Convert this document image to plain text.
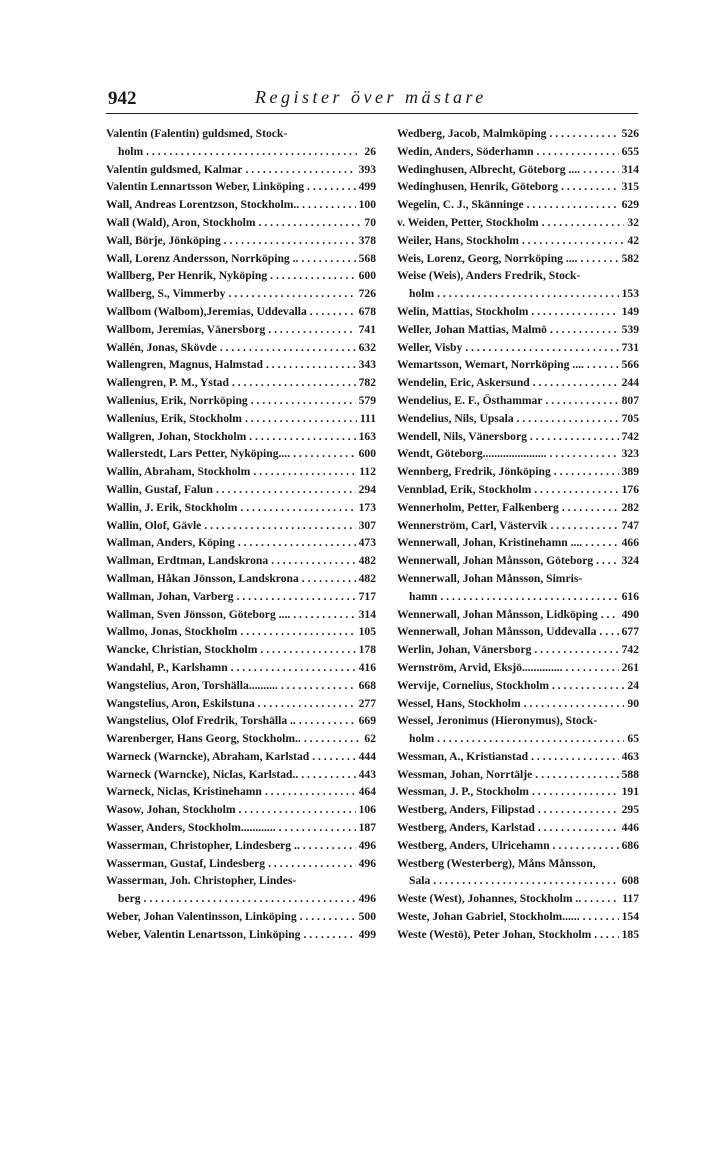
942	Register över mästare
Valentin (Falentin) guldsmed, Stock-
holm . . .	26
Valentin guldsmed, Kalmar . . .	393
Valentin Lennartsson Weber, Linköping . . .	499
Wall, Andreas Lorentzson, Stockholm.. . . .	100
Wall (Wald), Aron, Stockholm . . .	70
Wall, Börje, Jönköping . . .	378
Wall, Lorenz Andersson, Norrköping .. . . .	568
Wallberg, Per Henrik, Nyköping . . .	600
Wallberg, S., Vimmerby . . .	726
Wallbom (Walbom),Jeremias, Uddevalla . . .	678
Wallbom, Jeremias, Vänersborg . . .	741
Wallén, Jonas, Skövde . . .	632
Wallengren, Magnus, Halmstad . . .	343
Wallengren, P. M., Ystad . . .	782
Wallenius, Erik, Norrköping . . .	579
Wallenius, Erik, Stockholm . . .	111
Wallgren, Johan, Stockholm . . .	163
Wallerstedt, Lars Petter, Nyköping.... . . .	600
Wallin, Abraham, Stockholm . . .	112
Wallin, Gustaf, Falun . . .	294
Wallin, J. Erik, Stockholm . . .	173
Wallin, Olof, Gävle . . .	307
Wallman, Anders, Köping . . .	473
Wallman, Erdtman, Landskrona . . .	482
Wallman, Håkan Jönsson, Landskrona . . .	482
Wallman, Johan, Varberg . . .	717
Wallman, Sven Jönsson, Göteborg .... . . .	314
Wallmo, Jonas, Stockholm . . .	105
Wancke, Christian, Stockholm . . .	178
Wandahl, P., Karlshamn . . .	416
Wangstelius, Aron, Torshälla.......... . . .	668
Wangstelius, Aron, Eskilstuna . . .	277
Wangstelius, Olof Fredrik, Torshälla .. . . .	669
Warenberger, Hans Georg, Stockholm.. . . .	62
Warneck (Warncke), Abraham, Karlstad . . .	444
Warneck (Warncke), Niclas, Karlstad.. . . .	443
Warneck, Niclas, Kristinehamn . . .	464
Wasow, Johan, Stockholm . . .	106
Wasser, Anders, Stockholm............ . . .	187
Wasserman, Christopher, Lindesberg .. . . .	496
Wasserman, Gustaf, Lindesberg . . .	496
Wasserman, Joh. Christopher, Lindes-
berg . . .	496
Weber, Johan Valentinsson, Linköping . . .	500
Weber, Valentin Lenartsson, Linköping . . .	499
Wedberg, Jacob, Malmköping . . .	526
Wedin, Anders, Söderhamn . . .	655
Wedinghusen, Albrecht, Göteborg .... . . .	314
Wedinghusen, Henrik, Göteborg . . .	315
Wegelin, C. J., Skänninge . . .	629
v. Weiden, Petter, Stockholm . . .	32
Weiler, Hans, Stockholm . . .	42
Weis, Lorenz, Georg, Norrköping .... . . .	582
Weise (Weis), Anders Fredrik, Stock-
holm . . .	153
Welin, Mattias, Stockholm . . .	149
Weller, Johan Mattias, Malmö . . .	539
Weller, Visby . . .	731
Wemartsson, Wemart, Norrköping .... . . .	566
Wendelin, Eric, Askersund . . .	244
Wendelius, E. F., Östhammar . . .	807
Wendelius, Nils, Upsala . . .	705
Wendell, Nils, Vänersborg . . .	742
Wendt, Göteborg...................... . . .	323
Wennberg, Fredrik, Jönköping . . .	389
Vennblad, Erik, Stockholm . . .	176
Wennerholm, Petter, Falkenberg . . .	282
Wennerström, Carl, Västervik . . .	747
Wennerwall, Johan, Kristinehamn .... . . .	466
Wennerwall, Johan Månsson, Göteborg . . . 324
Wennerwall, Johan Månsson, Simris-
hamn . . .	616
Wennerwall, Johan Månsson, Lidköping . . . 490
Wennerwall, Johan Månsson, Uddevalla . . . 677
Werlin, Johan, Vänersborg . . .	742
Wernström, Arvid, Eksjö.............. . . .	261
Wervije, Cornelius, Stockholm . . .	24
Wessel, Hans, Stockholm . . .	90
Wessel, Jeronimus (Hieronymus), Stock-
holm . . .	65
Wessman, A., Kristianstad . . .	463
Wessman, Johan, Norrtälje . . .	588
Wessman, J. P., Stockholm . . .	191
Westberg, Anders, Filipstad . . .	295
Westberg, Anders, Karlstad . . .	446
Westberg, Anders, Ulricehamn . . .	686
Westberg (Westerberg), Måns Månsson,
Sala . . .	608
Weste (West), Johannes, Stockholm .. . . .	117
Weste, Johan Gabriel, Stockholm...... . . .	154
Weste (Westö), Peter Johan, Stockholm . . .	185
